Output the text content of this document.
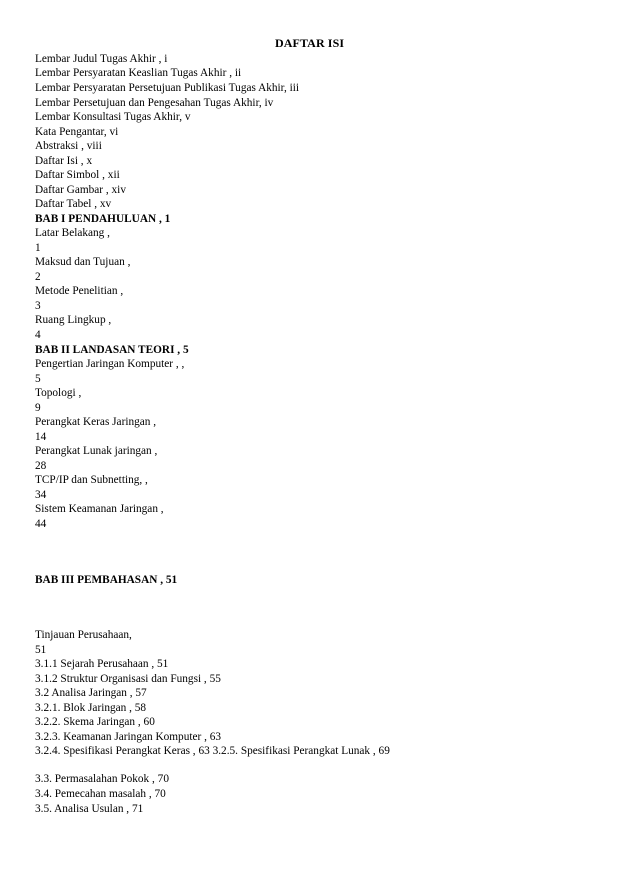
DAFTAR ISI
Lembar Judul Tugas Akhir , i
Lembar Persyaratan Keaslian Tugas Akhir , ii
Lembar Persyaratan Persetujuan Publikasi Tugas Akhir, iii
Lembar Persetujuan dan Pengesahan Tugas Akhir, iv
Lembar Konsultasi Tugas Akhir, v
Kata Pengantar, vi
Abstraksi , viii
Daftar Isi , x
Daftar Simbol , xii
Daftar Gambar , xiv
Daftar Tabel , xv
BAB I PENDAHULUAN , 1
Latar Belakang ,
1
Maksud dan Tujuan ,
2
Metode Penelitian ,
3
Ruang Lingkup ,
4
BAB II LANDASAN TEORI , 5
Pengertian Jaringan Komputer , ,
5
Topologi ,
9
Perangkat Keras Jaringan ,
14
Perangkat Lunak jaringan ,
28
TCP/IP dan Subnetting, ,
34
Sistem Keamanan Jaringan ,
44
BAB III PEMBAHASAN , 51
Tinjauan Perusahaan,
51
3.1.1 Sejarah Perusahaan , 51
3.1.2 Struktur Organisasi dan Fungsi , 55
3.2 Analisa Jaringan , 57
3.2.1. Blok Jaringan , 58
3.2.2. Skema Jaringan , 60
3.2.3. Keamanan Jaringan Komputer , 63
3.2.4. Spesifikasi Perangkat Keras , 63 3.2.5. Spesifikasi Perangkat Lunak , 69
3.3. Permasalahan Pokok , 70
3.4. Pemecahan masalah , 70
3.5. Analisa Usulan , 71
